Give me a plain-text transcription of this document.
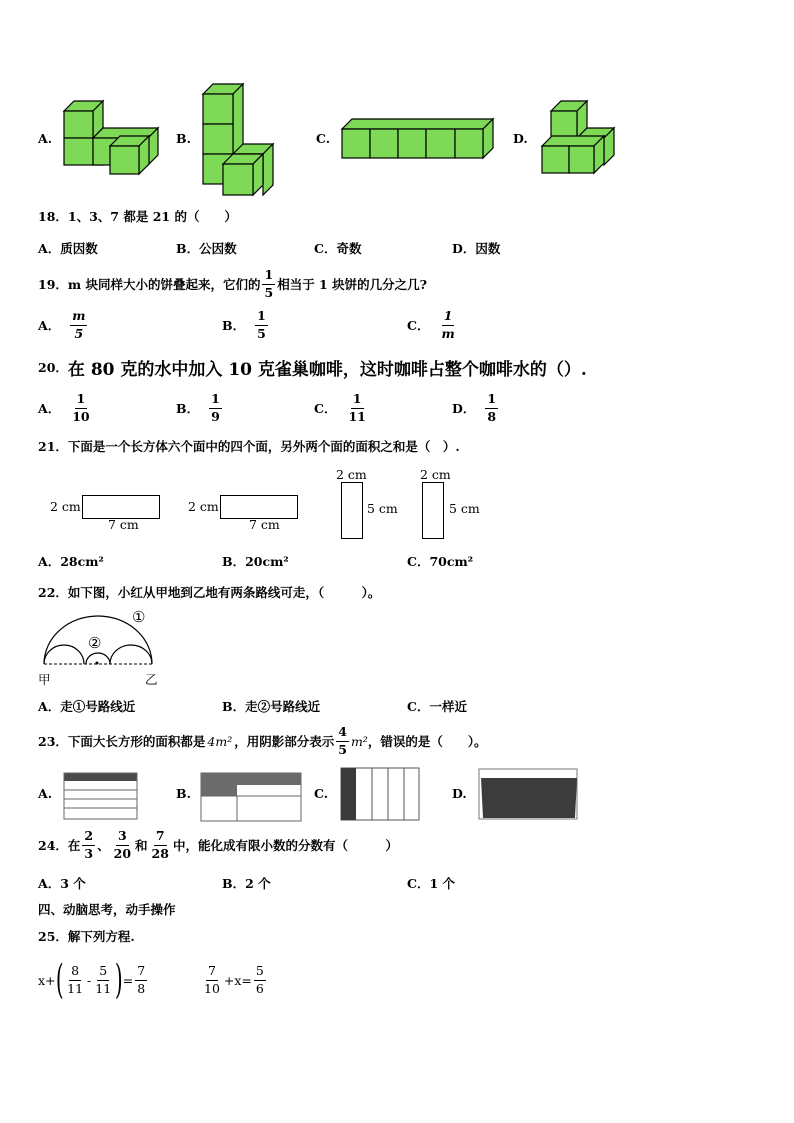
A.	B.	C.	D.
18．1、3、7 都是 21 的（　　）
A．质因数	B．公因数	C．奇数	D．因数
19．m 块同样大小的饼叠起来，它们的 $\frac{1}{5}$ 相当于 1 块饼的几分之几?
A． $\frac{m}{5}$	B． $\frac{1}{5}$	C． $\frac{1}{m}$
20． 在 80 克的水中加入 10 克雀巢咖啡，这时咖啡占整个咖啡水的（）.
A． $\frac{1}{10}$	B． $\frac{1}{9}$	C． $\frac{1}{11}$	D． $\frac{1}{8}$
21．下面是一个长方体六个面中的四个面，另外两个面的面积之和是（　）.
2 cm
7 cm
2 cm
7 cm
2 cm
5 cm
2 cm
5 cm
A．28cm²	B．20cm²	C．70cm²
22．如下图，小红从甲地到乙地有两条路线可走，（　　　）。
①
②
甲	乙
A．走①号路线近	B．走②号路线近	C．一样近
23．下面大长方形的面积都是 4m² ，用阴影部分表示 $\frac{4}{5} m^2$ ，错误的是（　　）。
A.	B.	C.	D.
24．在 $\frac{2}{3}$ 、 $\frac{3}{20}$ 和 $\frac{7}{28}$ 中，能化成有限小数的分数有（　　　）
A．3 个	B．2 个	C．1 个
四、动脑思考，动手操作
25．解下列方程.
x+ ( $\frac{8}{11} - \frac{5}{11}$ ) = $\frac{7}{8}$	$\frac{7}{10} +x= \frac{5}{6}$
